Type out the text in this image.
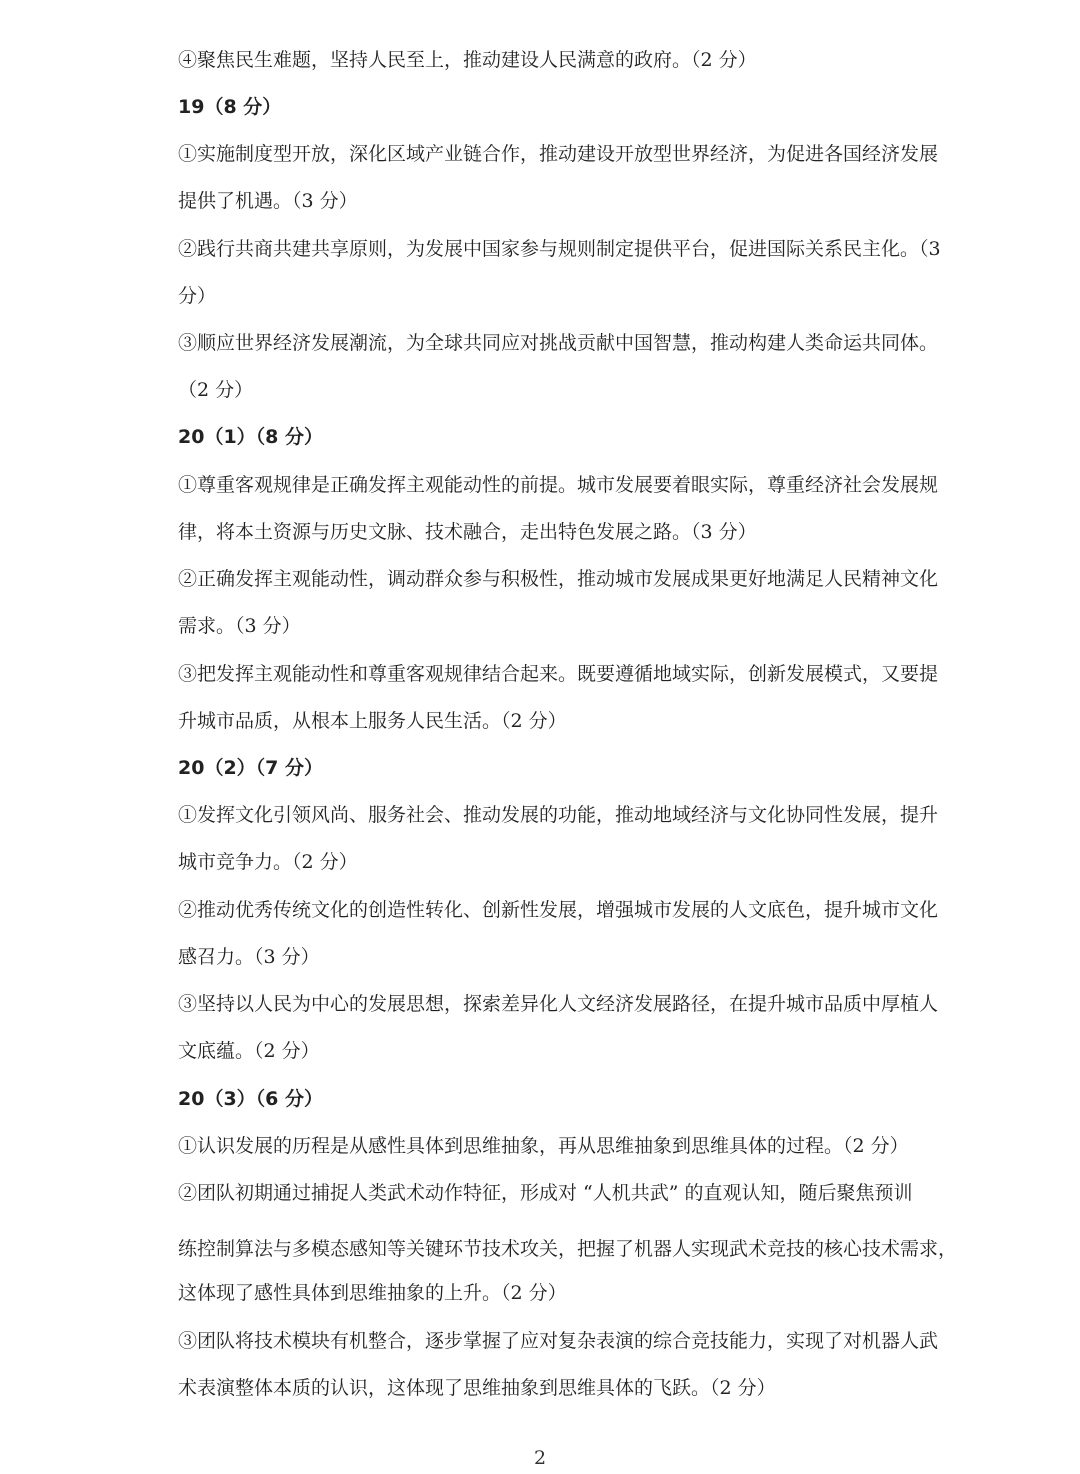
④聚焦民生难题，坚持人民至上，推动建设人民满意的政府。（2 分）
19（8 分）
①实施制度型开放，深化区域产业链合作，推动建设开放型世界经济，为促进各国经济发展
提供了机遇。（3 分）
②践行共商共建共享原则，为发展中国家参与规则制定提供平台，促进国际关系民主化。（3
分）
③顺应世界经济发展潮流，为全球共同应对挑战贡献中国智慧，推动构建人类命运共同体。
（2 分）
20（1）（8 分）
①尊重客观规律是正确发挥主观能动性的前提。城市发展要着眼实际，尊重经济社会发展规
律，将本土资源与历史文脉、技术融合，走出特色发展之路。（3 分）
②正确发挥主观能动性，调动群众参与积极性，推动城市发展成果更好地满足人民精神文化
需求。（3 分）
③把发挥主观能动性和尊重客观规律结合起来。既要遵循地域实际，创新发展模式，又要提
升城市品质，从根本上服务人民生活。（2 分）
20（2）（7 分）
①发挥文化引领风尚、服务社会、推动发展的功能，推动地域经济与文化协同性发展，提升
城市竞争力。（2 分）
②推动优秀传统文化的创造性转化、创新性发展，增强城市发展的人文底色，提升城市文化
感召力。（3 分）
③坚持以人民为中心的发展思想，探索差异化人文经济发展路径，在提升城市品质中厚植人
文底蕴。（2 分）
20（3）（6 分）
①认识发展的历程是从感性具体到思维抽象，再从思维抽象到思维具体的过程。（2 分）
②团队初期通过捕捉人类武术动作特征，形成对 “人机共武” 的直观认知，随后聚焦预训
练控制算法与多模态感知等关键环节技术攻关，把握了机器人实现武术竞技的核心技术需求，
这体现了感性具体到思维抽象的上升。（2 分）
③团队将技术模块有机整合，逐步掌握了应对复杂表演的综合竞技能力，实现了对机器人武
术表演整体本质的认识，这体现了思维抽象到思维具体的飞跃。（2 分）
2
